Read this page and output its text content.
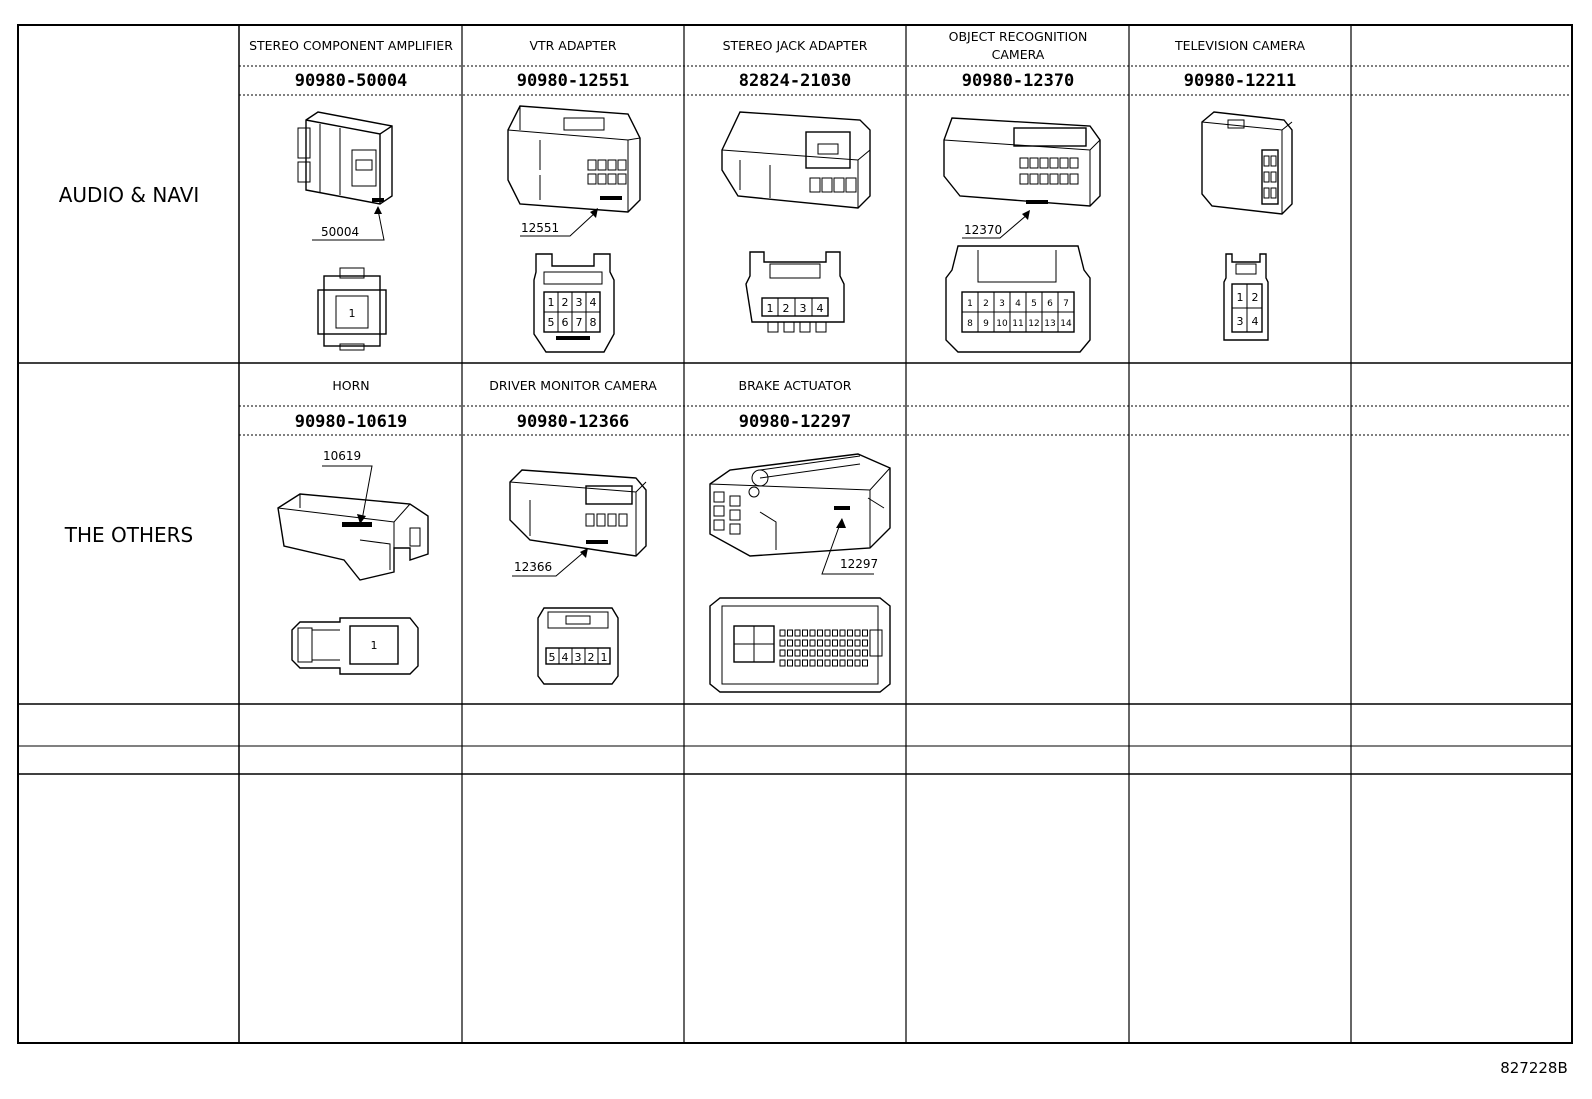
AUDIO & NAVI
THE OTHERS
STEREO COMPONENT AMPLIFIER
90980-50004
VTR ADAPTER
90980-12551
STEREO JACK ADAPTER
82824-21030
OBJECT RECOGNITION
CAMERA
90980-12370
TELEVISION CAMERA
90980-12211
HORN
90980-10619
DRIVER MONITOR CAMERA
90980-12366
BRAKE ACTUATOR
90980-12297
50004
1
12551
1 2 3 4
5 6 7 8
1 2 3 4
12370
1 2 3 4 5 6 7
8 9 10 11 12 13 14
1 2
3 4
10619
1
12366
5 4 3 2 1
12297
827228B
